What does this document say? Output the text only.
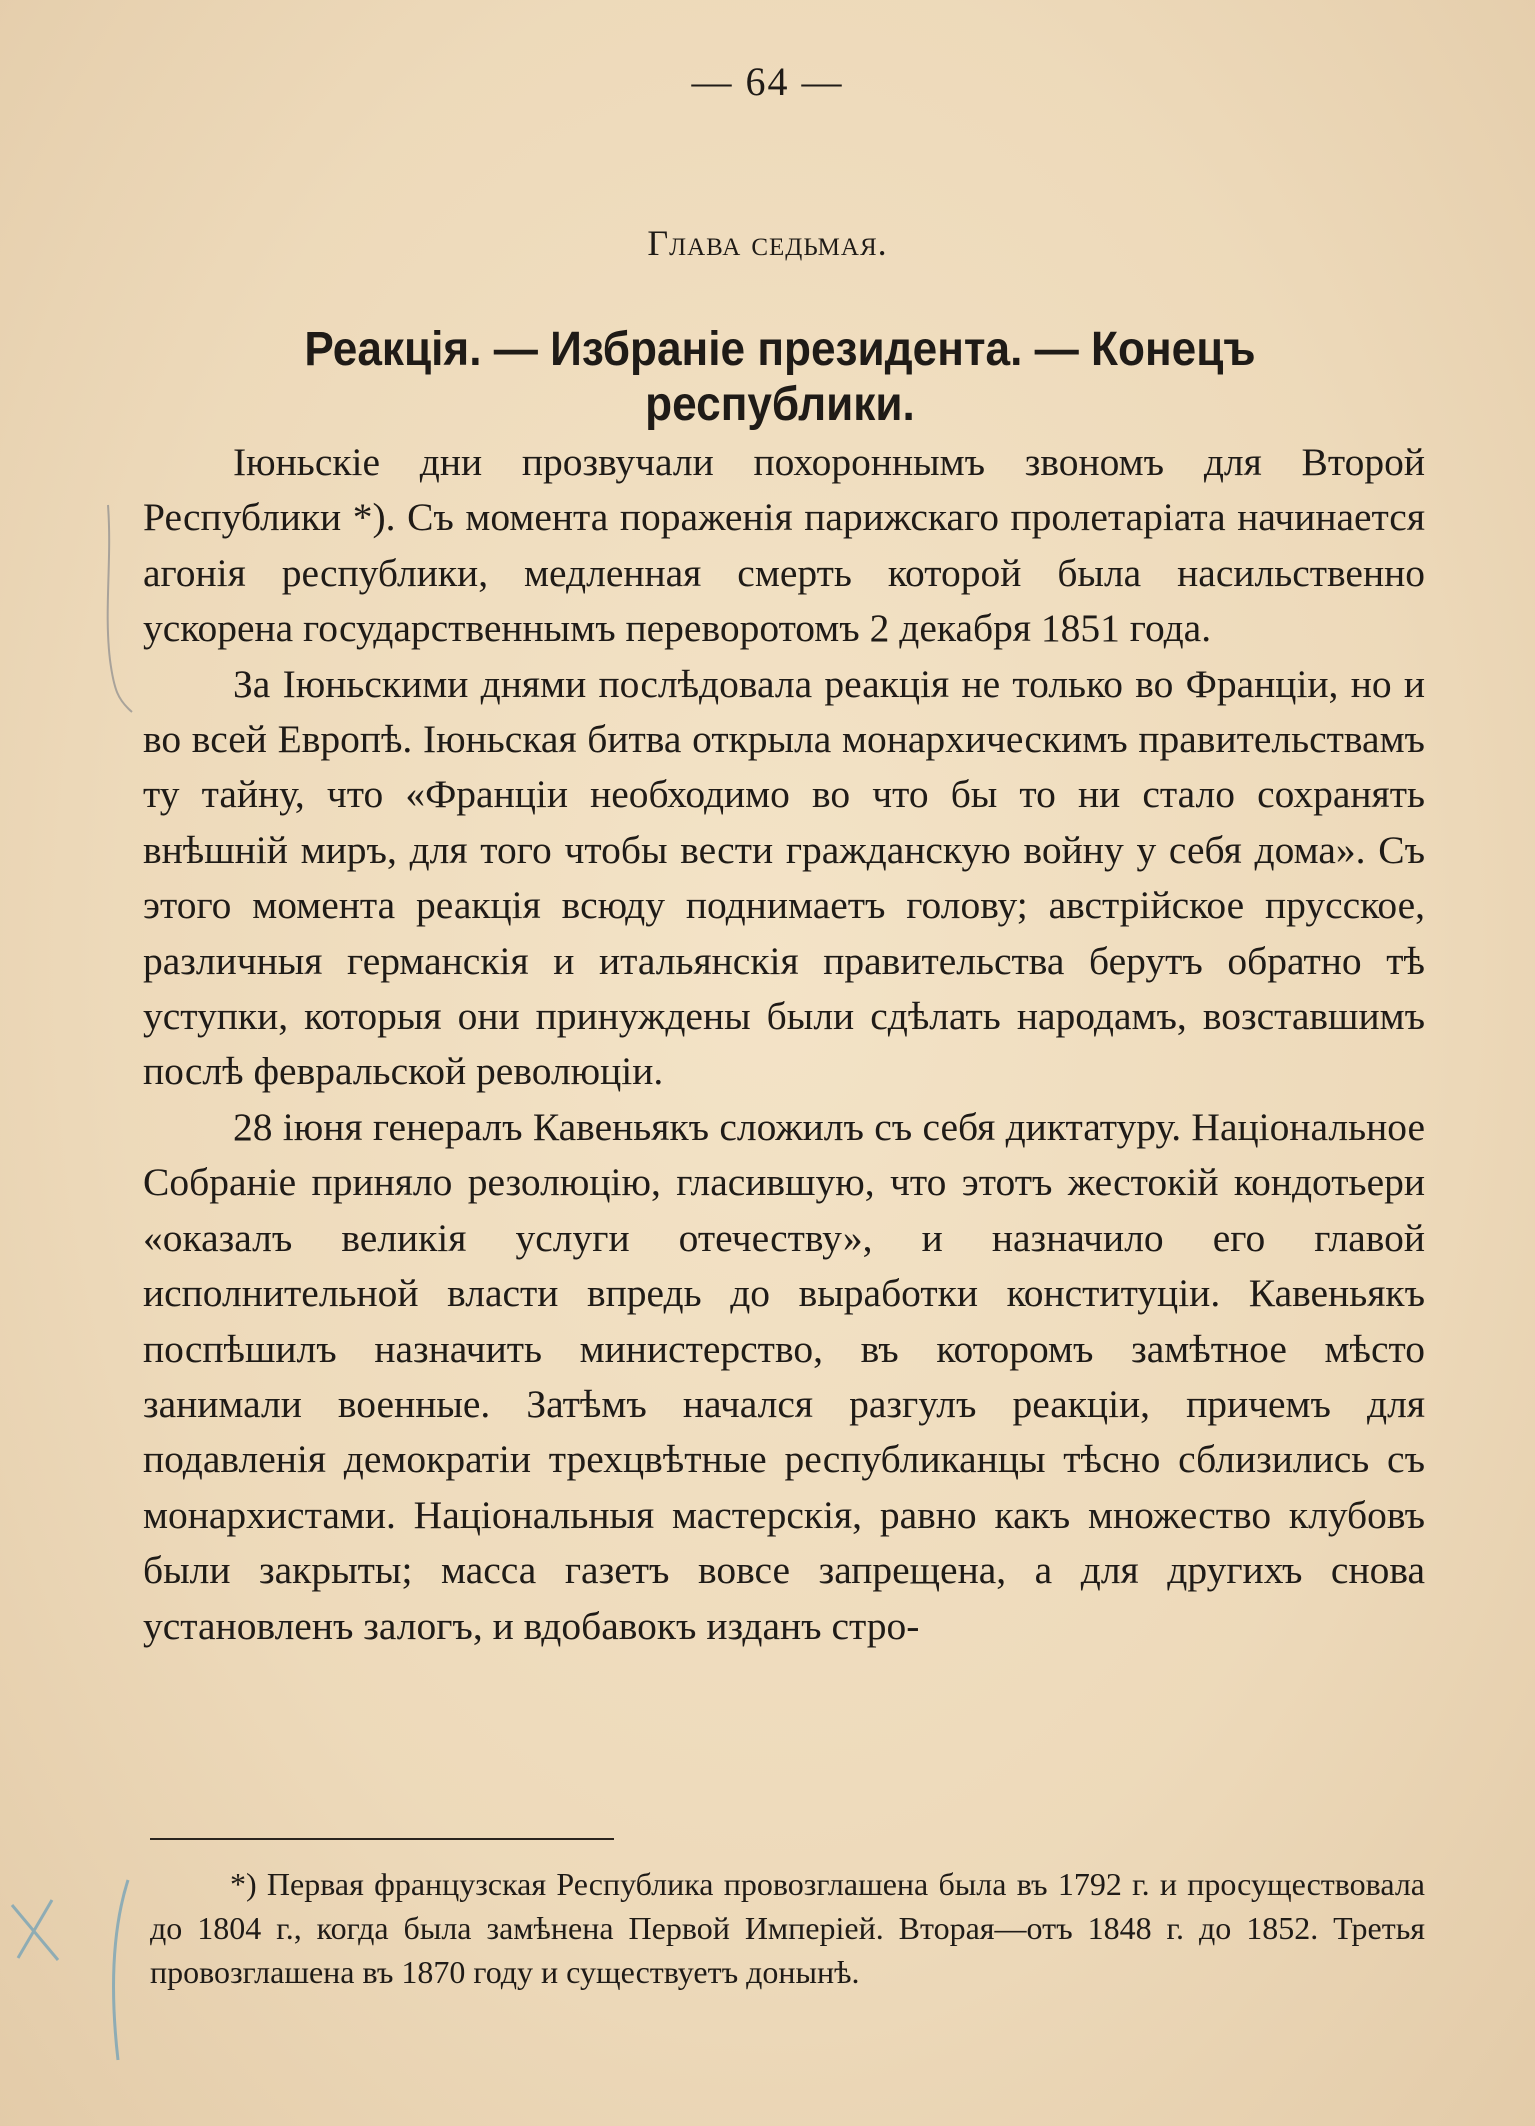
— 64 —
Глава седьмая.
Реакція. — Избраніе президента. — Конецъ республики.

Іюньскіе дни прозвучали похороннымъ звономъ для Второй Республики *). Съ момента пораженія парижскаго пролетаріата начинается агонія республики, медленная смерть которой была насильственно ускорена государственнымъ переворотомъ 2 декабря 1851 года.

За Іюньскими днями послѣдовала реакція не только во Франціи, но и во всей Европѣ. Іюньская битва открыла монархическимъ правительствамъ ту тайну, что «Франціи необходимо во что бы то ни стало сохранять внѣшній миръ, для того чтобы вести гражданскую войну у себя дома». Съ этого момента реакція всюду поднимаетъ голову; австрійское прусское, различныя германскія и итальянскія правительства берутъ обратно тѣ уступки, которыя они принуждены были сдѣлать народамъ, возставшимъ послѣ февральской революціи.

28 іюня генералъ Кавеньякъ сложилъ съ себя диктатуру. Національное Собраніе приняло резолюцію, гласившую, что этотъ жестокій кондотьери «оказалъ великія услуги отечеству», и назначило его главой исполнительной власти впредь до выработки конституціи. Кавеньякъ поспѣшилъ назначить министерство, въ которомъ замѣтное мѣсто занимали военные. Затѣмъ начался разгулъ реакціи, причемъ для подавленія демократіи трехцвѣтные республиканцы тѣсно сблизились съ монархистами. Національныя мастерскія, равно какъ множество клубовъ были закрыты; масса газетъ вовсе запрещена, а для другихъ снова установленъ залогъ, и вдобавокъ изданъ стро-

*) Первая французская Республика провозглашена была въ 1792 г. и просуществовала до 1804 г., когда была замѣнена Первой Имперіей. Вторая—отъ 1848 г. до 1852. Третья провозглашена въ 1870 году и существуетъ донынѣ.
